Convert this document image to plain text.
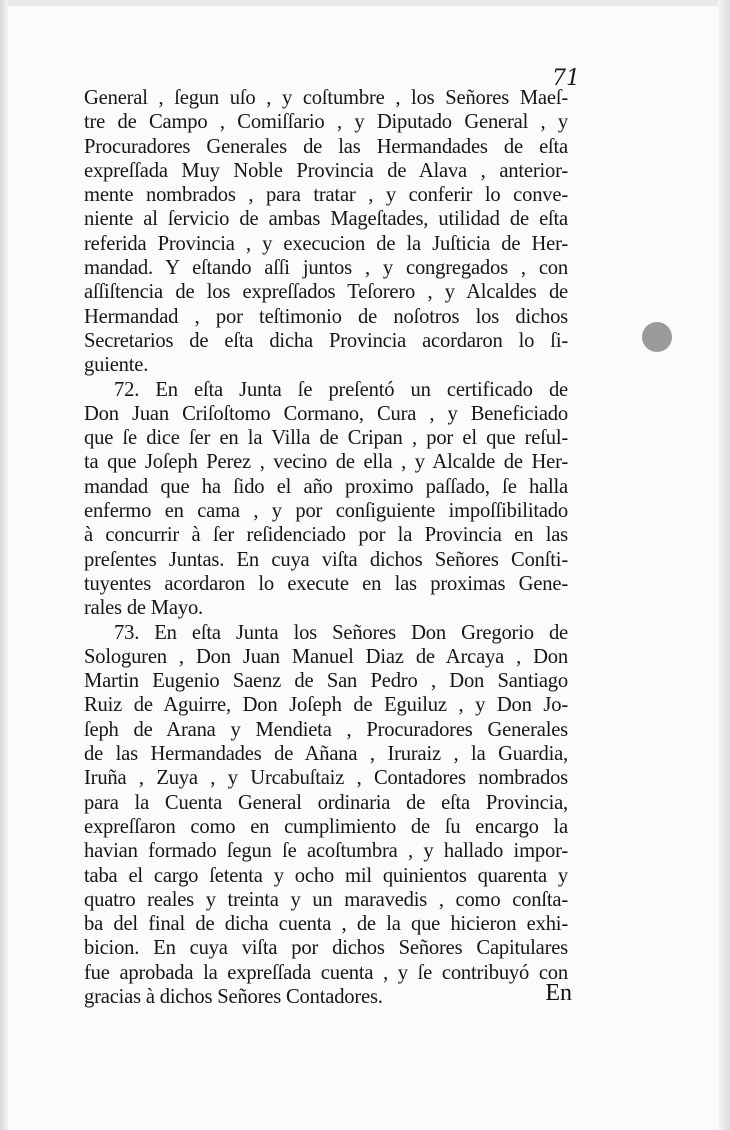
71
General , ſegun uſo , y coſtumbre , los Señores Maeſ-
tre de Campo , Comiſſario , y Diputado General , y
Procuradores Generales de las Hermandades de eſta
expreſſada Muy Noble Provincia de Alava , anterior-
mente nombrados , para tratar , y conferir lo conve-
niente al ſervicio de ambas Mageſtades, utilidad de eſta
referida Provincia , y execucion de la Juſticia de Her-
mandad. Y eſtando aſſi juntos , y congregados , con
aſſiſtencia de los expreſſados Teſorero , y Alcaldes de
Hermandad , por teſtimonio de noſotros los dichos
Secretarios de eſta dicha Provincia acordaron lo ſi-
guiente.
72. En eſta Junta ſe preſentó un certificado de
Don Juan Criſoſtomo Cormano, Cura , y Beneficiado
que ſe dice ſer en la Villa de Cripan , por el que reſul-
ta que Joſeph Perez , vecino de ella , y Alcalde de Her-
mandad que ha ſido el año proximo paſſado, ſe halla
enfermo en cama , y por conſiguiente impoſſibilitado
à concurrir à ſer reſidenciado por la Provincia en las
preſentes Juntas. En cuya viſta dichos Señores Conſti-
tuyentes acordaron lo execute en las proximas Gene-
rales de Mayo.
73. En eſta Junta los Señores Don Gregorio de
Sologuren , Don Juan Manuel Diaz de Arcaya , Don
Martin Eugenio Saenz de San Pedro , Don Santiago
Ruiz de Aguirre, Don Joſeph de Eguiluz , y Don Jo-
ſeph de Arana y Mendieta , Procuradores Generales
de las Hermandades de Añana , Iruraiz , la Guardia,
Iruña , Zuya , y Urcabuſtaiz , Contadores nombrados
para la Cuenta General ordinaria de eſta Provincia,
expreſſaron como en cumplimiento de ſu encargo la
havian formado ſegun ſe acoſtumbra , y hallado impor-
taba el cargo ſetenta y ocho mil quinientos quarenta y
quatro reales y treinta y un maravedis , como conſta-
ba del final de dicha cuenta , de la que hicieron exhi-
bicion. En cuya viſta por dichos Señores Capitulares
fue aprobada la expreſſada cuenta , y ſe contribuyó con
gracias à dichos Señores Contadores.	En
